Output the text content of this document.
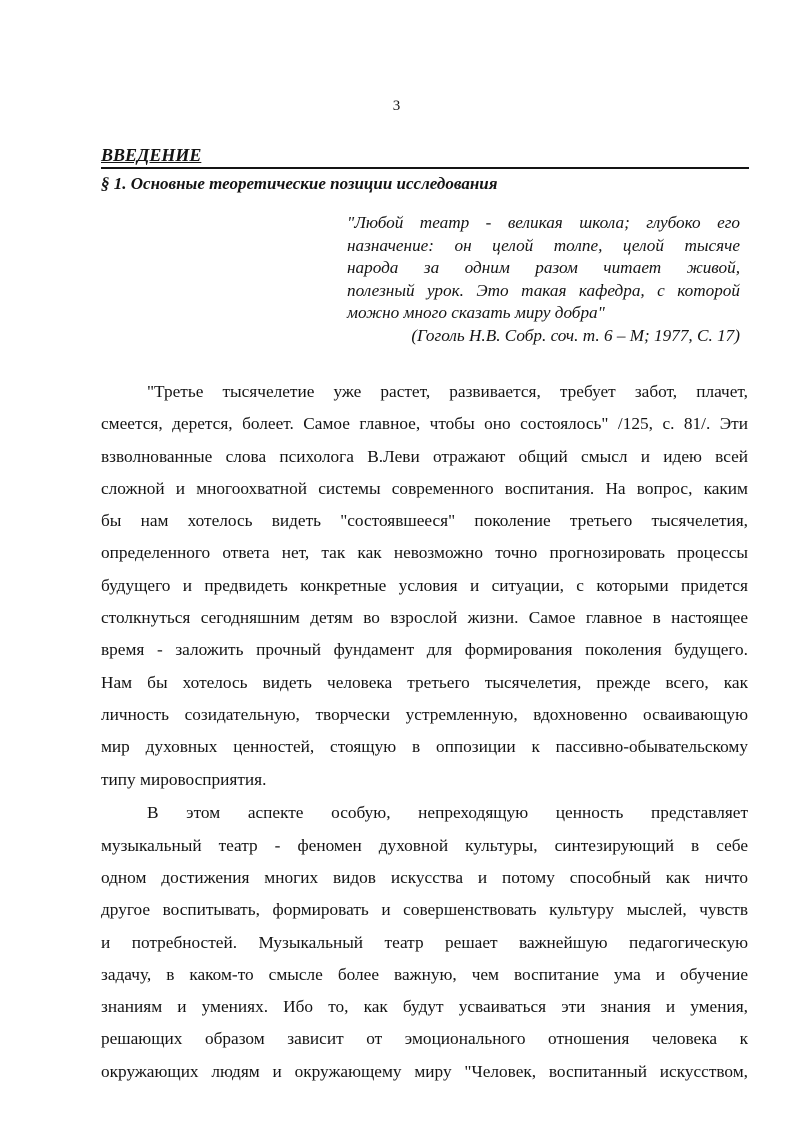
3
ВВЕДЕНИЕ
§ 1. Основные теоретические позиции исследования
"Любой театр - великая школа; глубоко его
назначение: он целой толпе, целой тысяче
народа за одним разом читает живой,
полезный урок. Это такая кафедра, с которой
можно много сказать миру добра"
(Гоголь Н.В. Собр. соч. т. 6 – М; 1977, С. 17)
"Третье тысячелетие уже растет, развивается, требует забот, плачет,
смеется, дерется, болеет. Самое главное, чтобы оно состоялось" /125, с. 81/. Эти
взволнованные слова психолога В.Леви отражают общий смысл и идею всей
сложной и многоохватной системы современного воспитания. На вопрос, каким
бы нам хотелось видеть "состоявшееся" поколение третьего тысячелетия,
определенного ответа нет, так как невозможно точно прогнозировать процессы
будущего и предвидеть конкретные условия и ситуации, с которыми придется
столкнуться сегодняшним детям во взрослой жизни. Самое главное в настоящее
время - заложить прочный фундамент для формирования поколения будущего.
Нам бы хотелось видеть человека третьего тысячелетия, прежде всего, как
личность созидательную, творчески устремленную, вдохновенно осваивающую
мир духовных ценностей, стоящую в оппозиции к пассивно-обывательскому
типу мировосприятия.
В этом аспекте особую, непреходящую ценность представляет
музыкальный театр - феномен духовной культуры, синтезирующий в себе
одном достижения многих видов искусства и потому способный как ничто
другое воспитывать, формировать и совершенствовать культуру мыслей, чувств
и потребностей. Музыкальный театр решает важнейшую педагогическую
задачу, в каком-то смысле более важную, чем воспитание ума и обучение
знаниям и умениях. Ибо то, как будут усваиваться эти знания и умения,
решающих образом зависит от эмоционального отношения человека к
окружающих людям и окружающему миру "Человек, воспитанный искусством,
